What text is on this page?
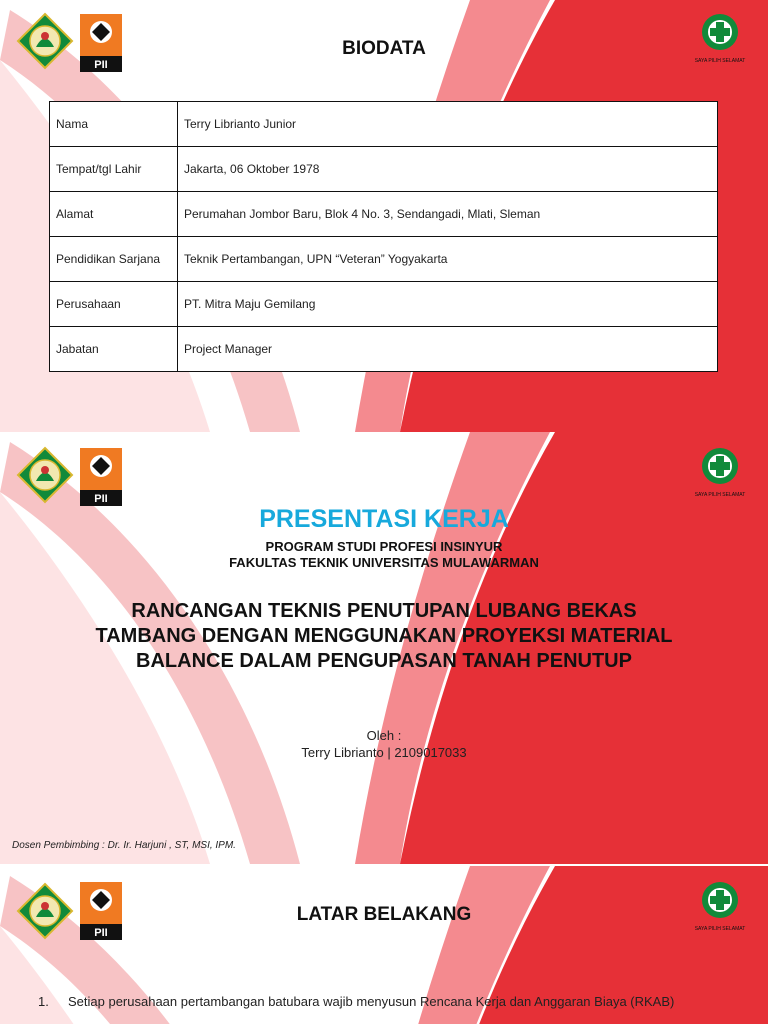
PII	SAYA PILIH SELAMAT
BIODATA
Nama	Terry Librianto Junior
Tempat/tgl Lahir	Jakarta, 06 Oktober 1978
Alamat	Perumahan Jombor Baru, Blok 4 No. 3, Sendangadi, Mlati, Sleman
Pendidikan Sarjana	Teknik Pertambangan, UPN “Veteran” Yogyakarta
Perusahaan	PT. Mitra Maju Gemilang
Jabatan	Project Manager
PII	SAYA PILIH SELAMAT
PRESENTASI KERJA
PROGRAM STUDI PROFESI INSINYUR
FAKULTAS TEKNIK UNIVERSITAS MULAWARMAN
RANCANGAN TEKNIS PENUTUPAN LUBANG BEKAS TAMBANG DENGAN MENGGUNAKAN PROYEKSI MATERIAL BALANCE DALAM PENGUPASAN TANAH PENUTUP
Oleh :
Terry Librianto | 2109017033
Dosen Pembimbing : Dr. Ir. Harjuni , ST, MSI, IPM.
PII	SAYA PILIH SELAMAT
LATAR BELAKANG
1.	Setiap perusahaan pertambangan batubara wajib menyusun Rencana Kerja dan Anggaran Biaya (RKAB)
